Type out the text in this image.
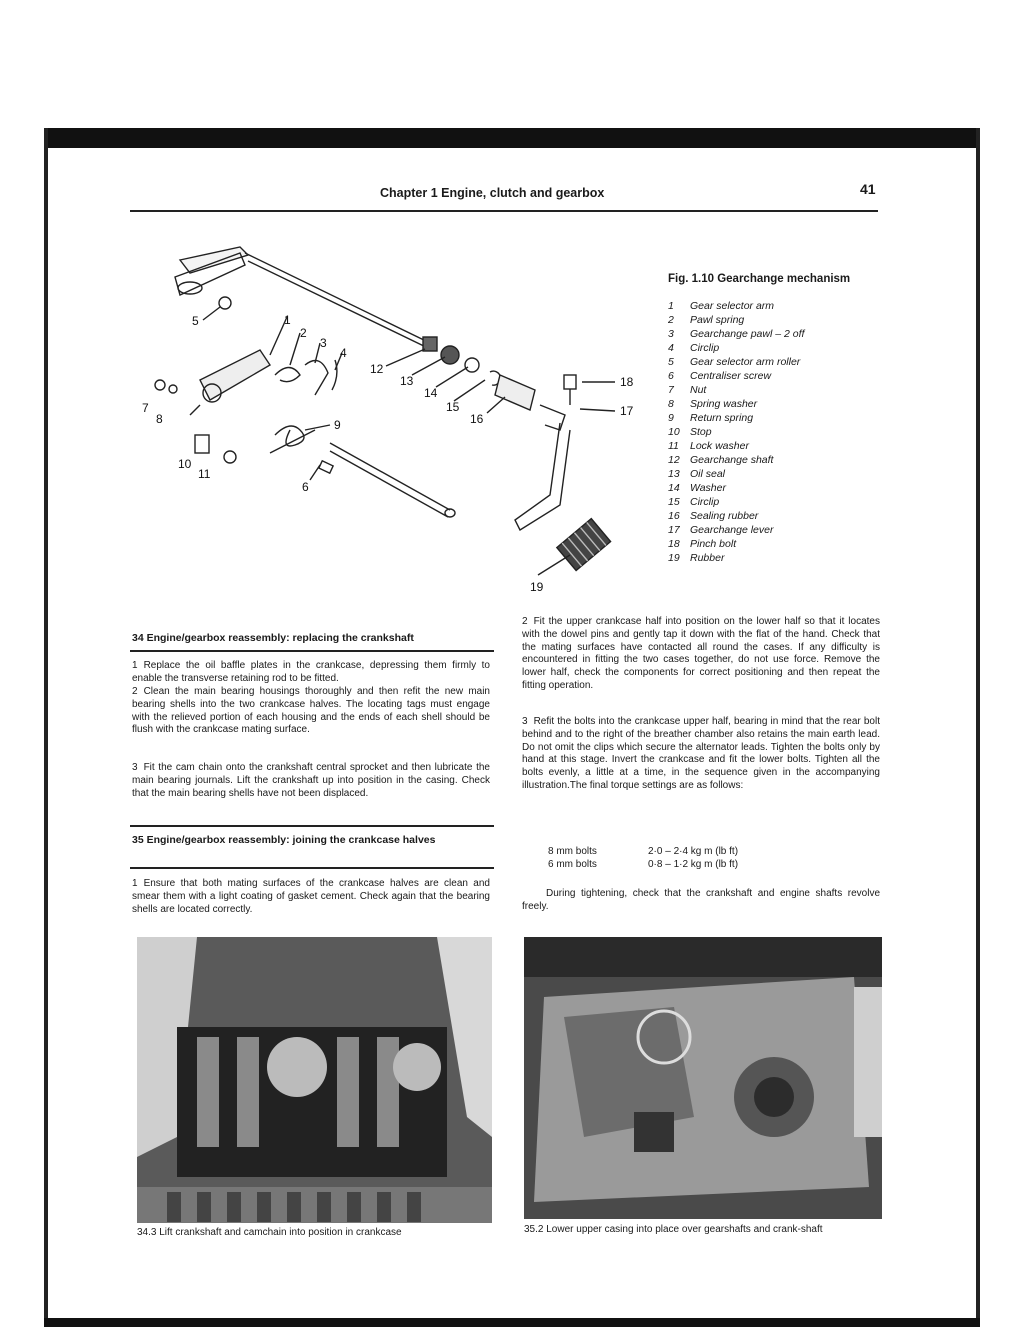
Chapter 1 Engine, clutch and gearbox	41
1
2
3
4
5
6
7
8	9
10
11
12
13
14
15
16
17
18
19
Fig. 1.10 Gearchange mechanism
1 Gear selector arm
2 Pawl spring
3 Gearchange pawl – 2 off
4 Circlip
5 Gear selector arm roller
6 Centraliser screw
7 Nut
8 Spring washer
9 Return spring
10 Stop
11 Lock washer
12 Gearchange shaft
13 Oil seal
14 Washer
15 Circlip
16 Sealing rubber
17 Gearchange lever
18 Pinch bolt
19 Rubber
34 Engine/gearbox reassembly: replacing the crankshaft

1 Replace the oil baffle plates in the crankcase, depressing them firmly to enable the transverse retaining rod to be fitted.

2 Clean the main bearing housings thoroughly and then refit the new main bearing shells into the two crankcase halves. The locating tags must engage with the relieved portion of each housing and the ends of each shell should be flush with the crankcase mating surface.

3 Fit the cam chain onto the crankshaft central sprocket and then lubricate the main bearing journals. Lift the crankshaft up into position in the casing. Check that the main bearing shells have not been displaced.

35 Engine/gearbox reassembly: joining the crankcase halves

1 Ensure that both mating surfaces of the crankcase halves are clean and smear them with a light coating of gasket cement. Check again that the bearing shells are located correctly.

2 Fit the upper crankcase half into position on the lower half so that it locates with the dowel pins and gently tap it down with the flat of the hand. Check that the mating surfaces have contacted all round the cases. If any difficulty is encountered in fitting the two cases together, do not use force. Remove the lower half, check the components for correct positioning and then repeat the fitting operation.

3 Refit the bolts into the crankcase upper half, bearing in mind that the rear bolt behind and to the right of the breather chamber also retains the main earth lead. Do not omit the clips which secure the alternator leads. Tighten the bolts only by hand at this stage. Invert the crankcase and fit the lower bolts. Tighten all the bolts evenly, a little at a time, in the sequence given in the accompanying illustration.The final torque settings are as follows:

8 mm bolts	2·0 – 2·4 kg m (lb ft)
6 mm bolts	0·8 – 1·2 kg m (lb ft)

During tightening, check that the crankshaft and engine shafts revolve freely.

34.3 Lift crankshaft and camchain into position in crankcase	35.2 Lower upper casing into place over gearshafts and crank-shaft
